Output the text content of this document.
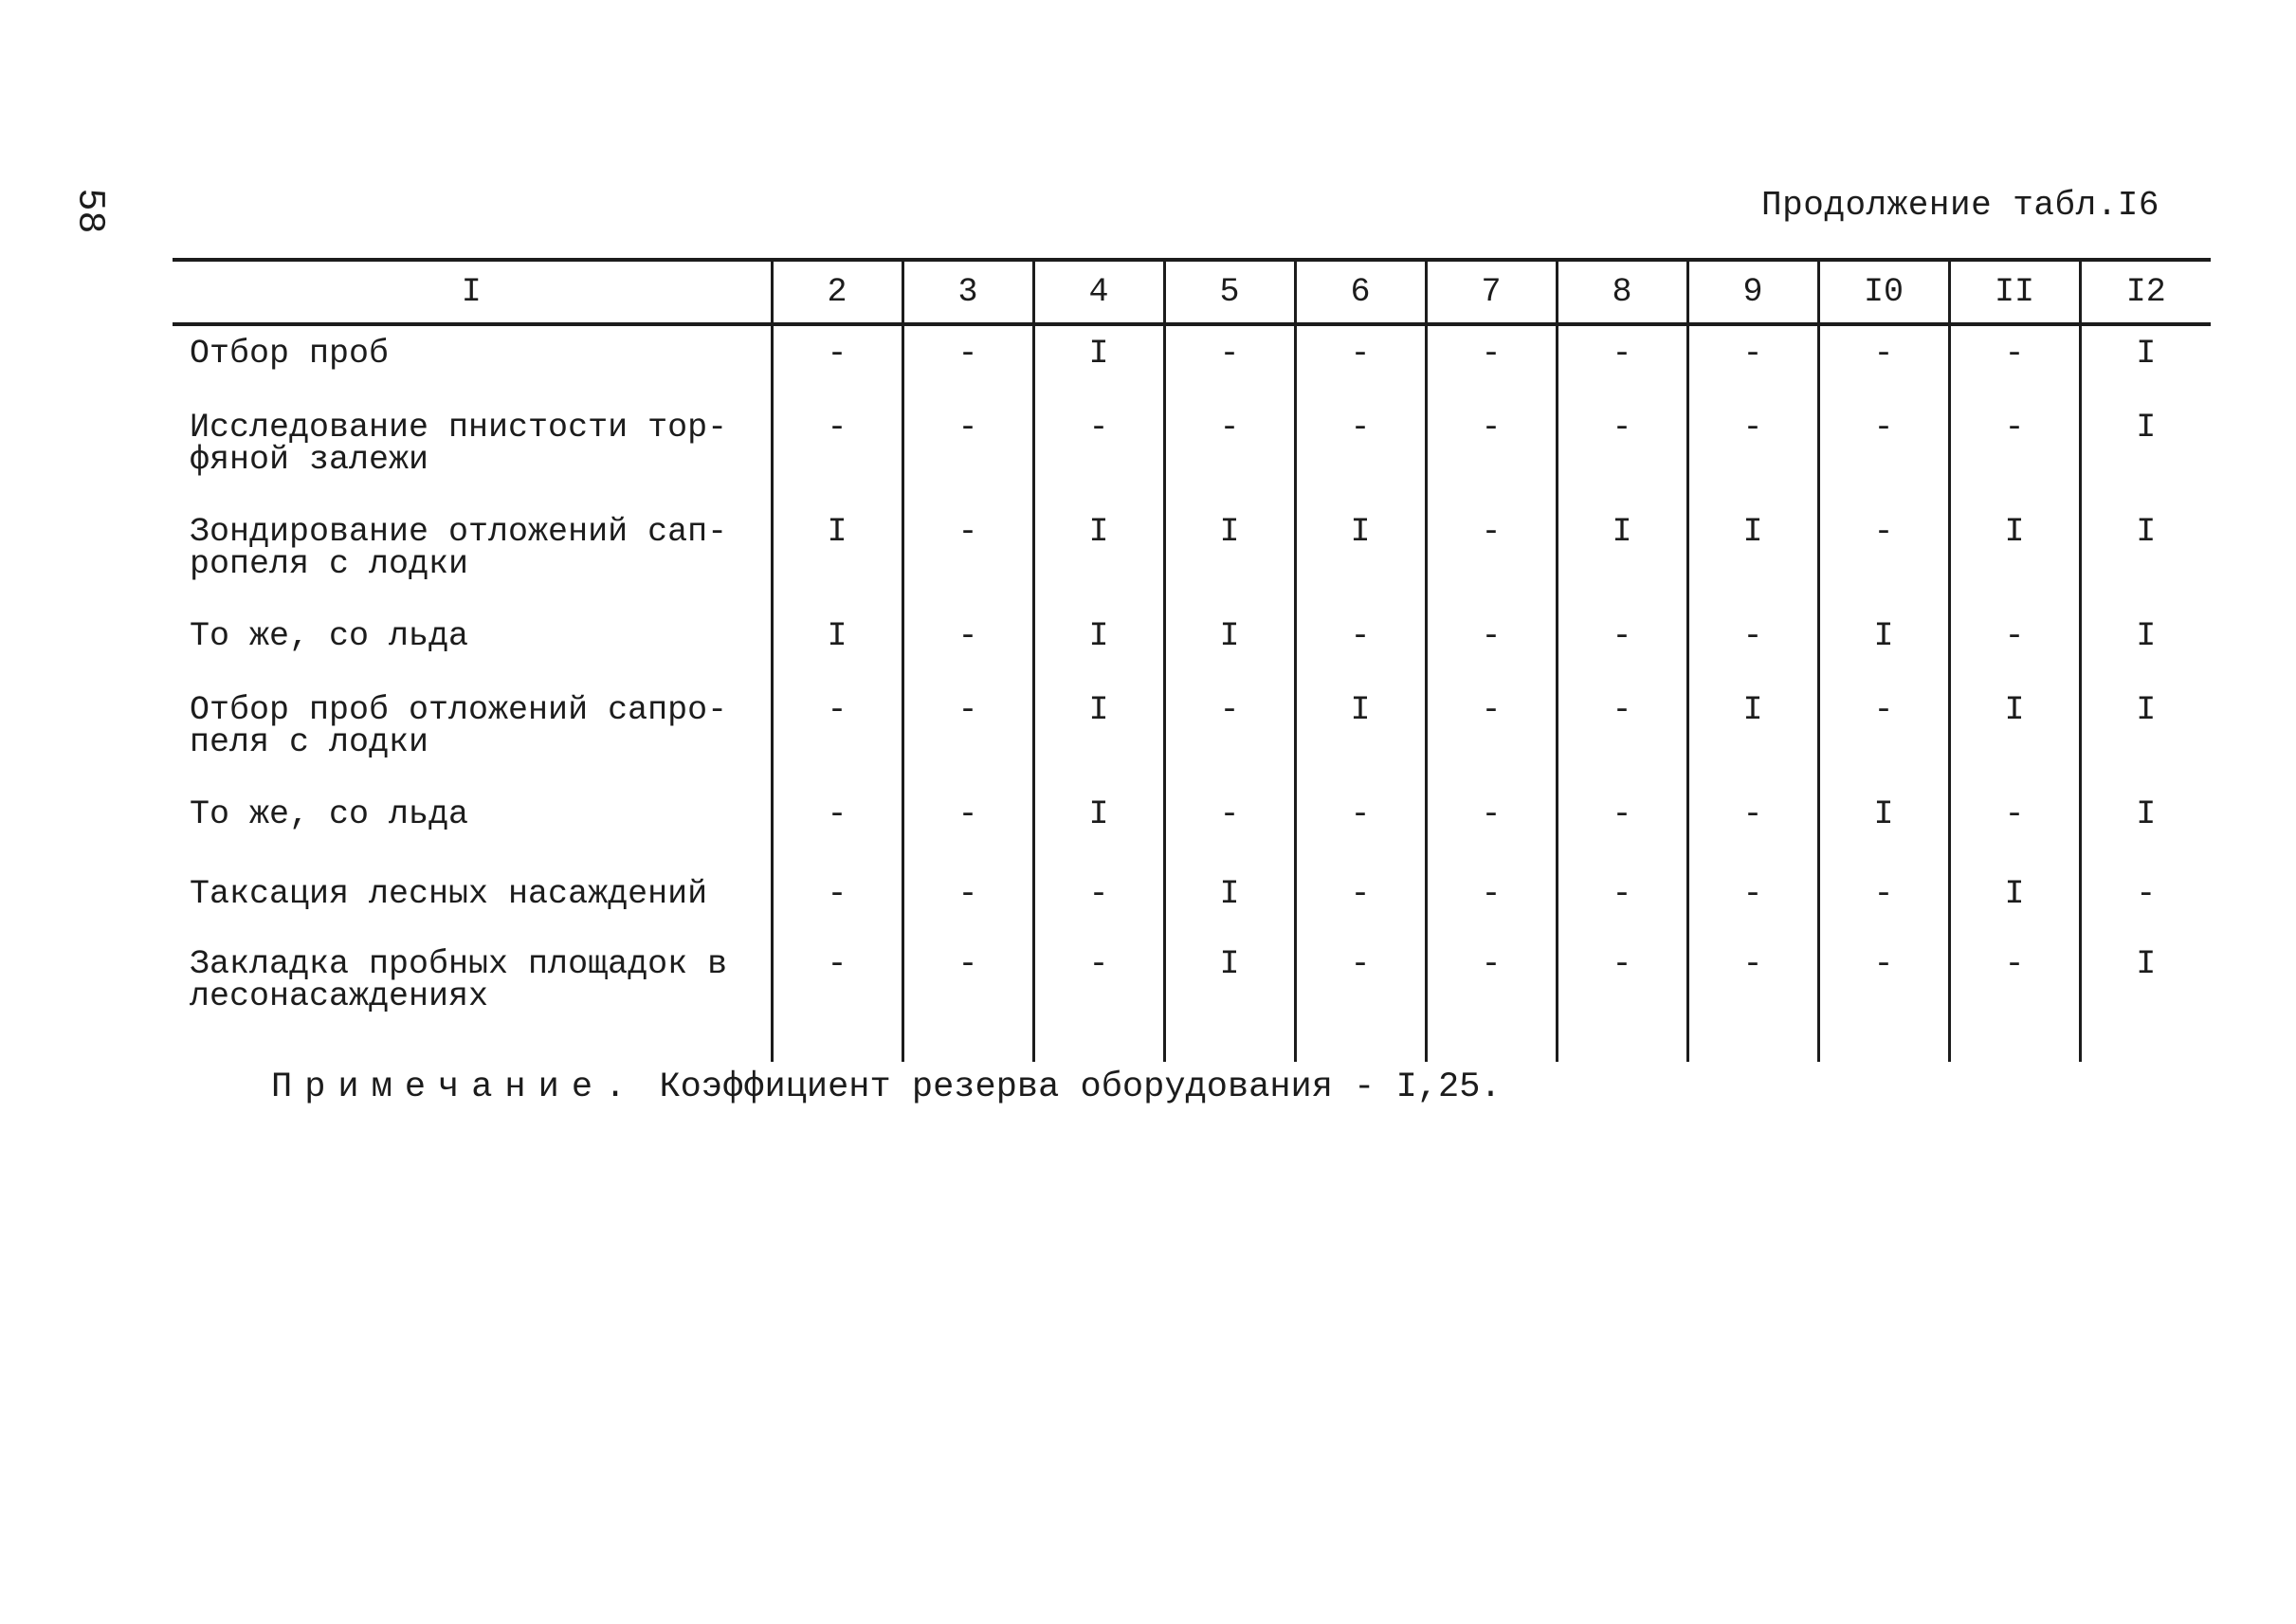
58	Продолжение табл.I6
I	2	3	4	5	6	7	8	9	I0	II	I2
Отбор проб	-	-	I	-	-	-	-	-	-	-	I
Исследование пнистости тор-
фяной залежи	-	-	-	-	-	-	-	-	-	-	I
Зондирование отложений сап-
ропеля с лодки	I	-	I	I	I	-	I	I	-	I	I
То же, со льда	I	-	I	I	-	-	-	-	I	-	I
Отбор проб отложений сапро-
пеля с лодки	-	-	I	-	I	-	-	I	-	I	I
То же, со льда	-	-	I	-	-	-	-	-	I	-	I
Таксация лесных насаждений	-	-	-	I	-	-	-	-	-	I	-
Закладка пробных площадок в
лесонасаждениях	-	-	-	I	-	-	-	-	-	-	I
Примечание. Коэффициент резерва оборудования - I,25.
